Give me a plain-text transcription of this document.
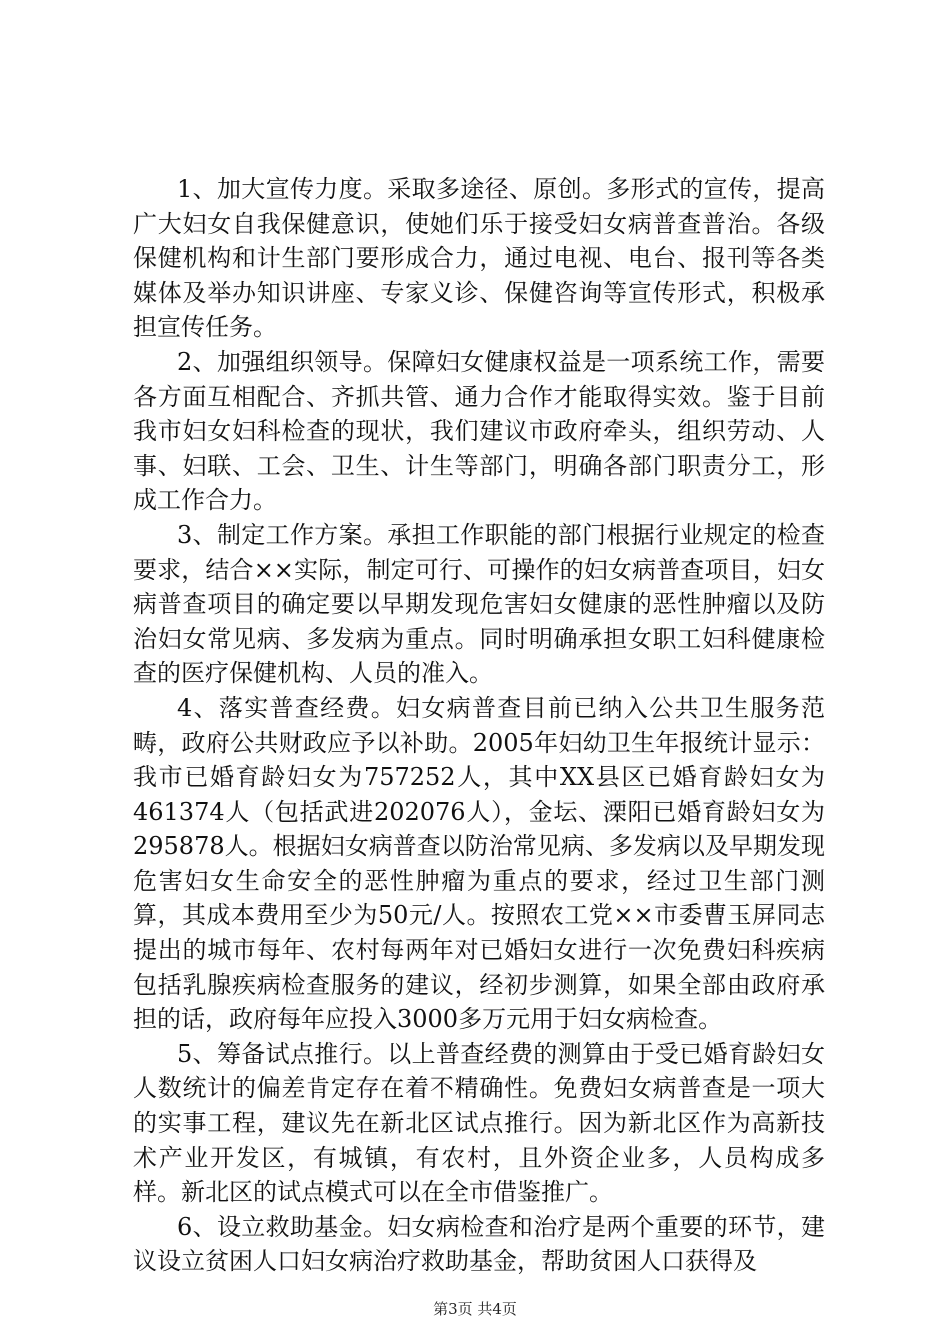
1、加大宣传力度。采取多途径、原创。多形式的宣传，提高广大妇女自我保健意识，使她们乐于接受妇女病普查普治。各级保健机构和计生部门要形成合力，通过电视、电台、报刊等各类媒体及举办知识讲座、专家义诊、保健咨询等宣传形式，积极承担宣传任务。

2、加强组织领导。保障妇女健康权益是一项系统工作，需要各方面互相配合、齐抓共管、通力合作才能取得实效。鉴于目前我市妇女妇科检查的现状，我们建议市政府牵头，组织劳动、人事、妇联、工会、卫生、计生等部门，明确各部门职责分工，形成工作合力。

3、制定工作方案。承担工作职能的部门根据行业规定的检查要求，结合××实际，制定可行、可操作的妇女病普查项目，妇女病普查项目的确定要以早期发现危害妇女健康的恶性肿瘤以及防治妇女常见病、多发病为重点。同时明确承担女职工妇科健康检查的医疗保健机构、人员的准入。

4、落实普查经费。妇女病普查目前已纳入公共卫生服务范畴，政府公共财政应予以补助。2005年妇幼卫生年报统计显示：我市已婚育龄妇女为757252人，其中XX县区已婚育龄妇女为461374人（包括武进202076人），金坛、溧阳已婚育龄妇女为295878人。根据妇女病普查以防治常见病、多发病以及早期发现危害妇女生命安全的恶性肿瘤为重点的要求，经过卫生部门测算，其成本费用至少为50元/人。按照农工党××市委曹玉屏同志提出的城市每年、农村每两年对已婚妇女进行一次免费妇科疾病包括乳腺疾病检查服务的建议，经初步测算，如果全部由政府承担的话，政府每年应投入3000多万元用于妇女病检查。

5、筹备试点推行。以上普查经费的测算由于受已婚育龄妇女人数统计的偏差肯定存在着不精确性。免费妇女病普查是一项大的实事工程，建议先在新北区试点推行。因为新北区作为高新技术产业开发区，有城镇，有农村，且外资企业多，人员构成多样。新北区的试点模式可以在全市借鉴推广。

6、设立救助基金。妇女病检查和治疗是两个重要的环节，建议设立贫困人口妇女病治疗救助基金，帮助贫困人口获得及

第3页 共4页
